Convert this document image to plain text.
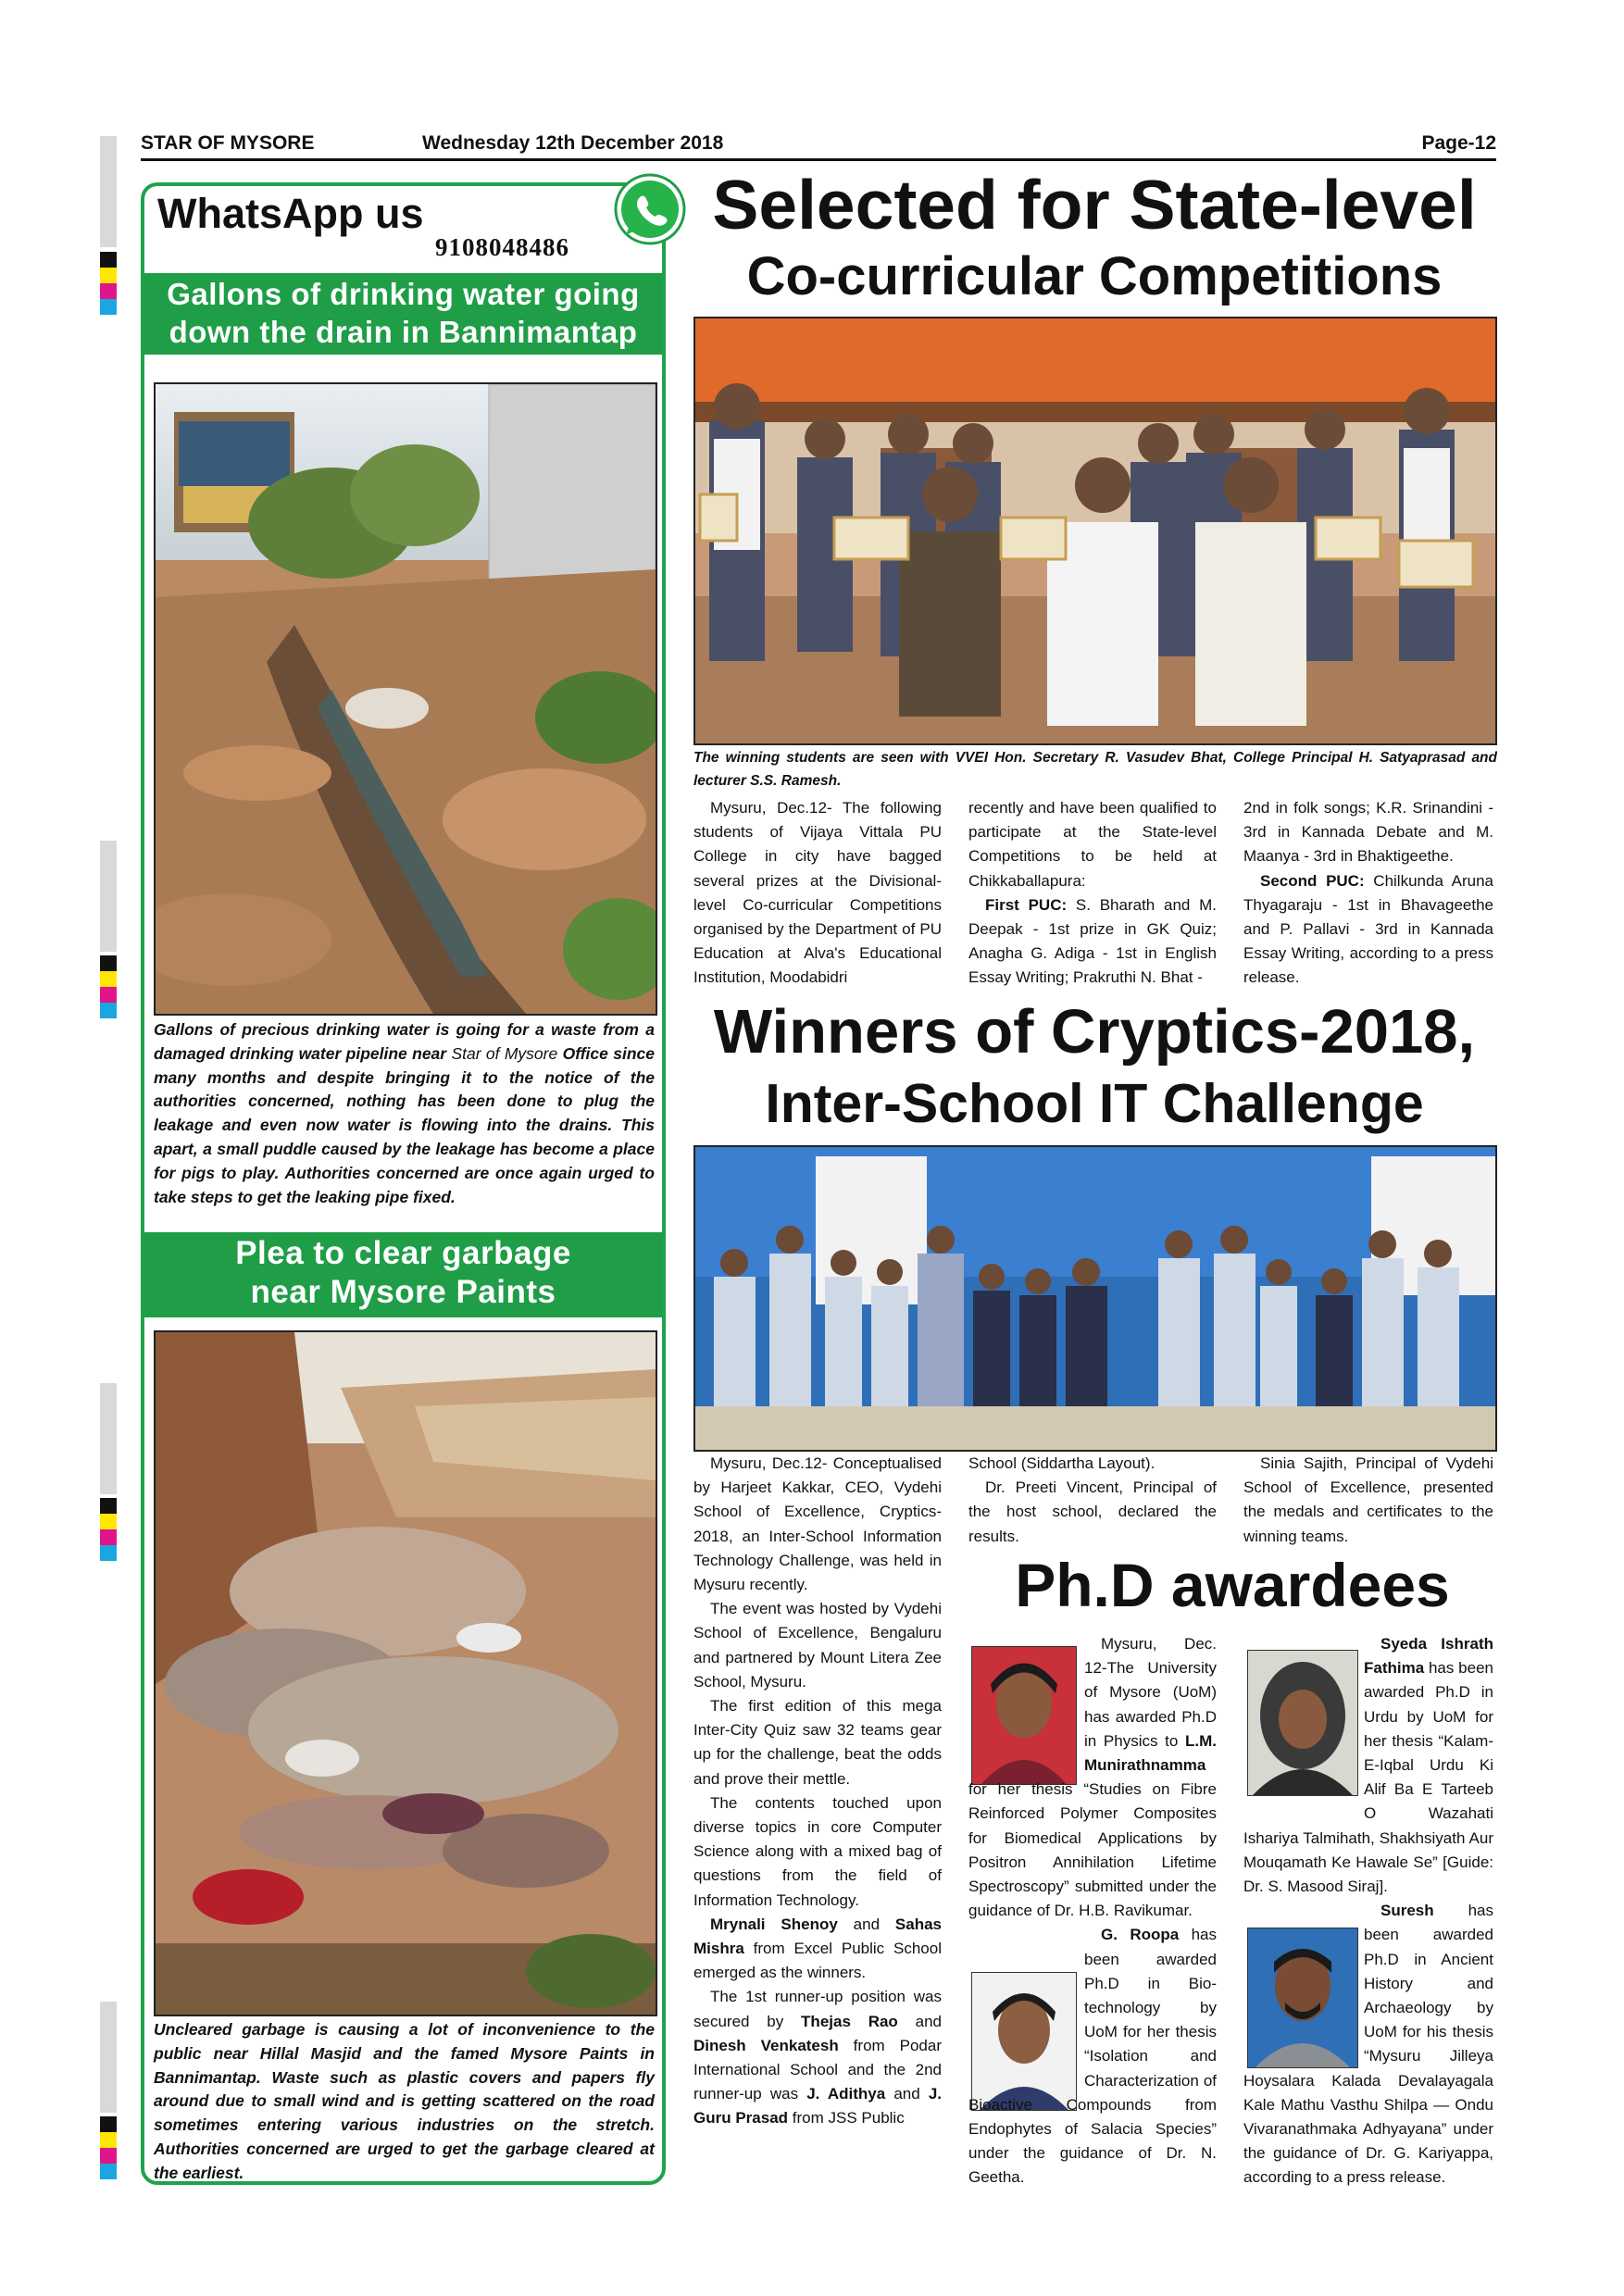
STAR OF MYSORE	Wednesday 12th December 2018	Page-12
WhatsApp us
9108048486
Gallons of drinking water going down the drain in Bannimantap
Gallons of precious drinking water is going for a waste from a damaged drinking water pipeline near Star of Mysore Office since many months and despite bringing it to the notice of the authorities concerned, nothing has been done to plug the leakage and even now water is flowing into the drains. This apart, a small puddle caused by the leakage has become a place for pigs to play. Authorities concerned are once again urged to take steps to get the leaking pipe fixed.
Plea to clear garbage near Mysore Paints
Uncleared garbage is causing a lot of inconvenience to the public near Hillal Masjid and the famed Mysore Paints in Bannimantap. Waste such as plastic covers and papers fly around due to small wind and is getting scattered on the road sometimes entering various industries on the stretch. Authorities concerned are urged to get the garbage cleared at the earliest.
Selected for State-level
Co-curricular Competitions
The winning students are seen with VVEI Hon. Secretary R. Vasudev Bhat, College Principal H. Satyaprasad and lecturer S.S. Ramesh.

Mysuru, Dec.12- The following students of Vijaya Vittala PU College in city have bagged several prizes at the Divisional-level Co-curricular Competitions organised by the Department of PU Education at Alva's Educational Institution, Moodabidri

recently and have been qualified to participate at the State-level Competitions to be held at Chikkaballapura:

First PUC: S. Bharath and M. Deepak - 1st prize in GK Quiz; Anagha G. Adiga - 1st in English Essay Writing; Prakruthi N. Bhat -

2nd in folk songs; K.R. Srinandini - 3rd in Kannada Debate and M. Maanya - 3rd in Bhaktigeethe.

Second PUC: Chilkunda Aruna Thyagaraju - 1st in Bhavageethe and P. Pallavi - 3rd in Kannada Essay Writing, according to a press release.

Winners of Cryptics-2018,
Inter-School IT Challenge

Mysuru, Dec.12- Conceptualised by Harjeet Kakkar, CEO, Vydehi School of Excellence, Cryptics-2018, an Inter-School Information Technology Challenge, was held in Mysuru recently.

The event was hosted by Vydehi School of Excellence, Bengaluru and partnered by Mount Litera Zee School, Mysuru.

The first edition of this mega Inter-City Quiz saw 32 teams gear up for the challenge, beat the odds and prove their mettle.

The contents touched upon diverse topics in core Computer Science along with a mixed bag of questions from the field of Information Technology.

Mrynali Shenoy and Sahas Mishra from Excel Public School emerged as the winners.

The 1st runner-up position was secured by Thejas Rao and Dinesh Venkatesh from Podar International School and the 2nd runner-up was J. Adithya and J. Guru Prasad from JSS Public

School (Siddartha Layout).

Dr. Preeti Vincent, Principal of the host school, declared the results.

Sinia Sajith, Principal of Vydehi School of Excellence, presented the medals and certificates to the winning teams.

Ph.D awardees

Mysuru, Dec. 12-The University of Mysore (UoM) has awarded Ph.D in Physics to L.M. Munirathnamma for her thesis “Studies on Fibre Reinforced Polymer Composites for Biomedical Applications by Positron Annihilation Lifetime Spectroscopy” submitted under the guidance of Dr. H.B. Ravikumar.

G. Roopa has been awarded Ph.D in Bio-technology by UoM for her thesis “Isolation and Characterization of Bioactive Compounds from Endophytes of Salacia Species” under the guidance of Dr. N. Geetha.

Syeda Ishrath Fathima has been awarded Ph.D in Urdu by UoM for her thesis “Kalam-E-Iqbal Urdu Ki Alif Ba E Tarteeb O Wazahati Ishariya Talmihath, Shakhsiyath Aur Mouqamath Ke Hawale Se” [Guide: Dr. S. Masood Siraj].

Suresh has been awarded Ph.D in Ancient History and Archaeology by UoM for his thesis “Mysuru Jilleya Hoysalara Kalada Devalayagala Kale Mathu Vasthu Shilpa — Ondu Vivaranathmaka Adhyayana” under the guidance of Dr. G. Kariyappa, according to a press release.
